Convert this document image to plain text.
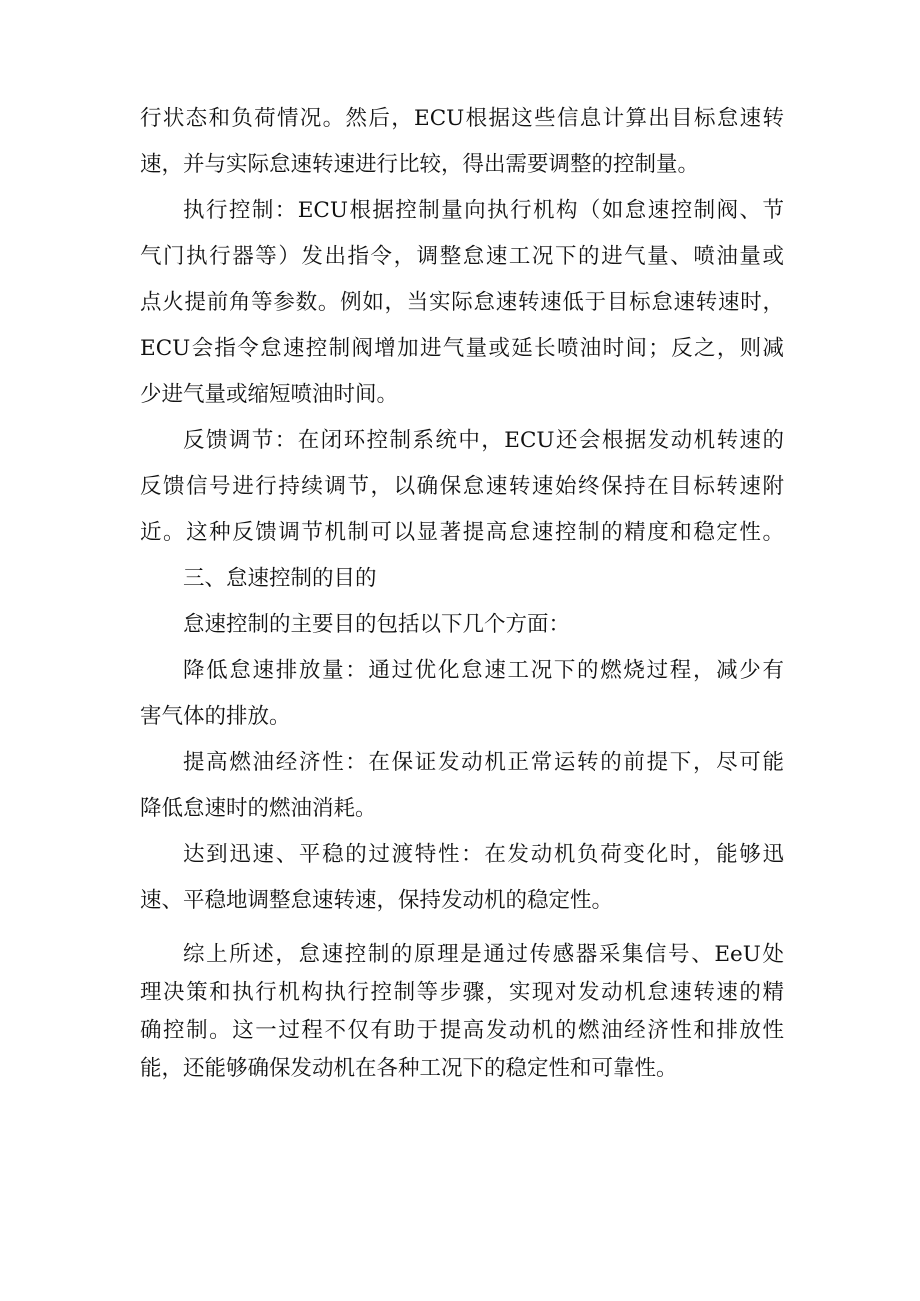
行状态和负荷情况。然后，ECU根据这些信息计算出目标怠速转
速，并与实际怠速转速进行比较，得出需要调整的控制量。

执行控制：ECU根据控制量向执行机构（如怠速控制阀、节
气门执行器等）发出指令，调整怠速工况下的进气量、喷油量或
点火提前角等参数。例如，当实际怠速转速低于目标怠速转速时，
ECU会指令怠速控制阀增加进气量或延长喷油时间；反之，则减
少进气量或缩短喷油时间。

反馈调节：在闭环控制系统中，ECU还会根据发动机转速的
反馈信号进行持续调节，以确保怠速转速始终保持在目标转速附
近。这种反馈调节机制可以显著提高怠速控制的精度和稳定性。

三、怠速控制的目的

怠速控制的主要目的包括以下几个方面：

降低怠速排放量：通过优化怠速工况下的燃烧过程，减少有
害气体的排放。

提高燃油经济性：在保证发动机正常运转的前提下，尽可能
降低怠速时的燃油消耗。

达到迅速、平稳的过渡特性：在发动机负荷变化时，能够迅
速、平稳地调整怠速转速，保持发动机的稳定性。

综上所述，怠速控制的原理是通过传感器采集信号、EeU处
理决策和执行机构执行控制等步骤，实现对发动机怠速转速的精
确控制。这一过程不仅有助于提高发动机的燃油经济性和排放性
能，还能够确保发动机在各种工况下的稳定性和可靠性。
